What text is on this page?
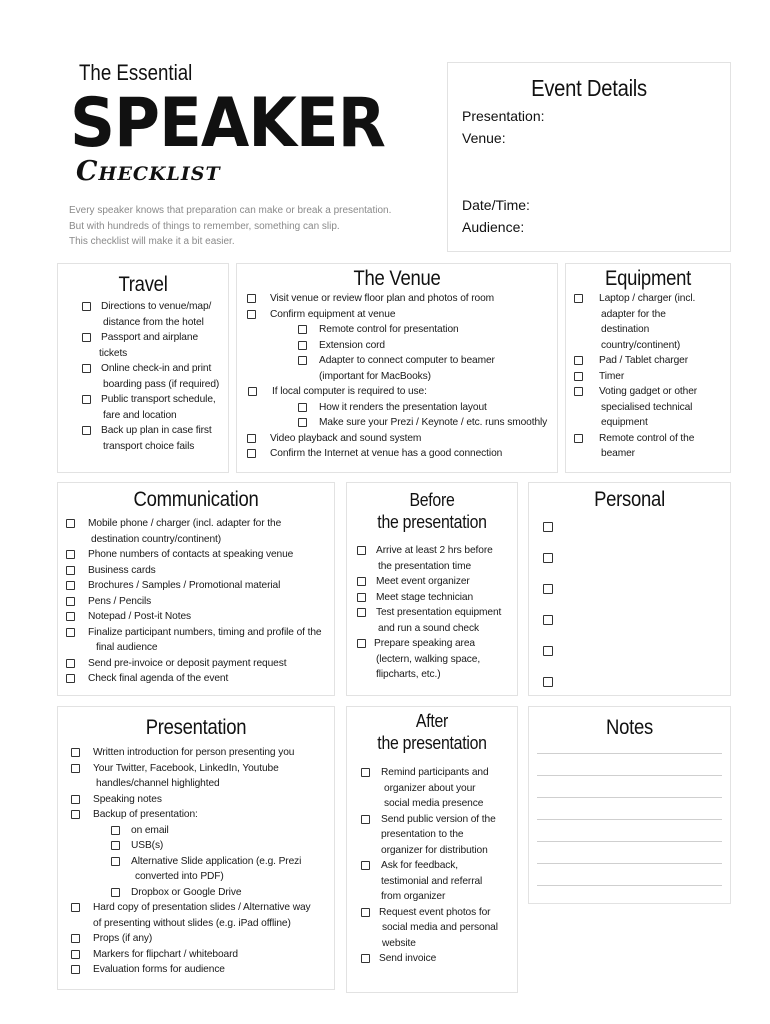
The Essential
SPEAKER
Checklist
Every speaker knows that preparation can make or break a presentation.
But with hundreds of things to remember, something can slip.
This checklist will make it a bit easier.
Event Details
Presentation:
Venue:
Date/Time:
Audience:
Travel
Directions to venue/map/
distance from the hotel
Passport and airplane
tickets
Online check-in and print
boarding pass (if required)
Public transport schedule,
fare and location
Back up plan in case first
transport choice fails
The Venue
Visit venue or review floor plan and photos of room
Confirm equipment at venue
Remote control for presentation
Extension cord
Adapter to connect computer to beamer
(important for MacBooks)
If local computer is required to use:
How it renders the presentation layout
Make sure your Prezi / Keynote / etc. runs smoothly
Video playback and sound system
Confirm the Internet at venue has a good connection
Equipment
Laptop / charger (incl.
adapter for the
destination
country/continent)
Pad / Tablet charger
Timer
Voting gadget or other
specialised technical
equipment
Remote control of the
beamer
Communication
Mobile phone / charger (incl. adapter for the
destination country/continent)
Phone numbers of contacts at speaking venue
Business cards
Brochures / Samples / Promotional material
Pens / Pencils
Notepad / Post-it Notes
Finalize participant numbers, timing and profile of the
final audience
Send pre-invoice or deposit payment request
Check final agenda of the event
Before
the presentation
Arrive at least 2 hrs before
the presentation time
Meet event organizer
Meet stage technician
Test presentation equipment
and run a sound check
Prepare speaking area
(lectern, walking space,
flipcharts, etc.)
Personal
Presentation
Written introduction for person presenting you
Your Twitter, Facebook, LinkedIn, Youtube
handles/channel highlighted
Speaking notes
Backup of presentation:
on email
USB(s)
Alternative Slide application (e.g. Prezi
converted into PDF)
Dropbox or Google Drive
Hard copy of presentation slides / Alternative way
of presenting without slides (e.g. iPad offline)
Props (if any)
Markers for flipchart / whiteboard
Evaluation forms for audience
After
the presentation
Remind participants and
organizer about your
social media presence
Send public version of the
presentation to the
organizer for distribution
Ask for feedback,
testimonial and referral
from organizer
Request event photos for
social media and personal
website
Send invoice
Notes
